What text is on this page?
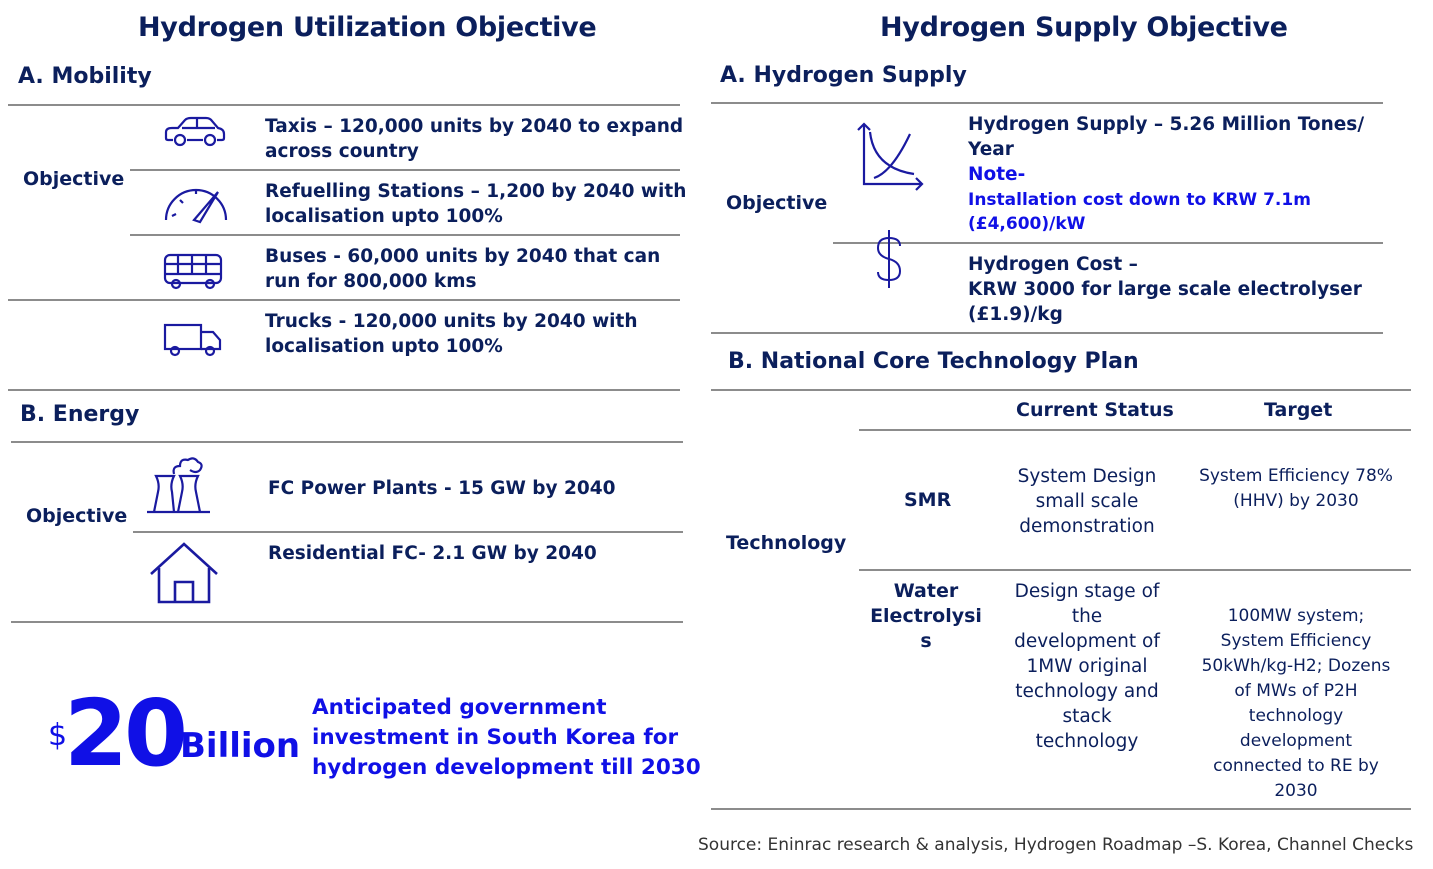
Hydrogen Utilization Objective
A. Mobility
Objective
Taxis – 120,000 units by 2040 to expand
across country
Refuelling Stations – 1,200 by 2040 with
localisation upto 100%
Buses - 60,000 units by 2040 that can
run for 800,000 kms
Trucks - 120,000 units by 2040 with
localisation upto 100%
B. Energy
Objective
FC Power Plants - 15 GW by 2040
Residential FC- 2.1 GW by 2040
$
20
Billion
Anticipated government
investment in South Korea for
hydrogen development till 2030
Hydrogen Supply Objective
A. Hydrogen Supply
Objective
Hydrogen Supply – 5.26 Million Tones/
Year
Note-
Installation cost down to KRW 7.1m
(£4,600)/kW
Hydrogen Cost –
KRW 3000 for large scale electrolyser
(£1.9)/kg
B. National Core Technology Plan
Current Status	Target
Technology
SMR
System Design
small scale
demonstration
System Efficiency 78%
(HHV) by 2030
Water
Electrolysi
s
Design stage of
the
development of
1MW original
technology and
stack
technology
100MW system;
System Efficiency
50kWh/kg-H2; Dozens
of MWs of P2H
technology
development
connected to RE by
2030
Source: Eninrac research & analysis, Hydrogen Roadmap –S. Korea, Channel Checks
